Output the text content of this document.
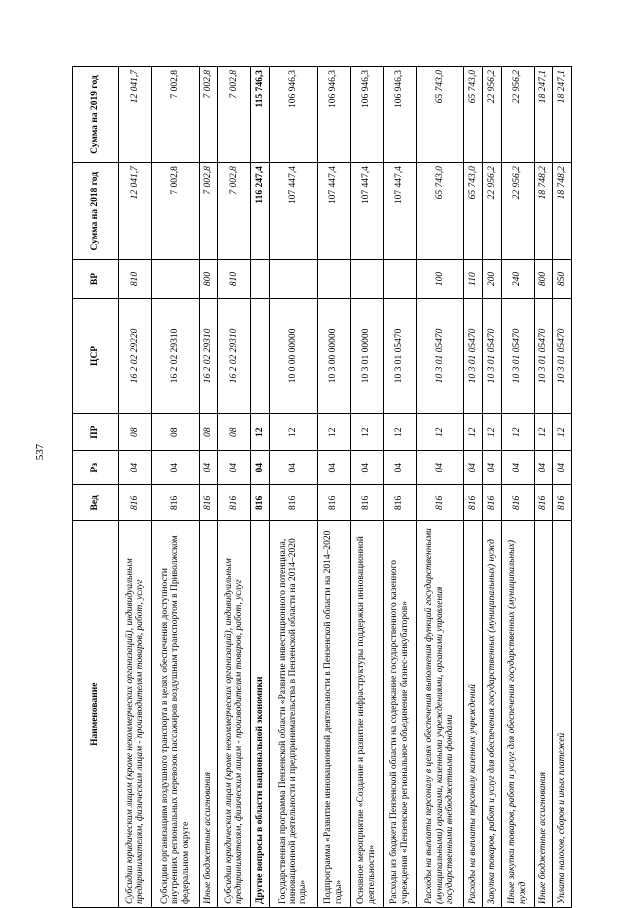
537
Наименование	Вед	Рз	ПР	ЦСР	ВР	Сумма на 2018 год	Сумма на 2019 год
Субсидии юридическим лицам (кроме некоммерческих организаций), индивидуальным предпринимателям, физическим лицам - производителям товаров, работ, услуг	816	04	08	16 2 02 29220	810	12 041,7	12 041,7
Субсидии организациям воздушного транспорта в целях обеспечения доступности внутренних региональных перевозок пассажиров воздушным транспортом в Приволжском федеральном округе	816	04	08	16 2 02 29310		7 002,8	7 002,8
Иные бюджетные ассигнования	816	04	08	16 2 02 29310	800	7 002,8	7 002,8
Субсидии юридическим лицам (кроме некоммерческих организаций), индивидуальным предпринимателям, физическим лицам - производителям товаров, работ, услуг	816	04	08	16 2 02 29310	810	7 002,8	7 002,8
Другие вопросы в области национальной экономики	816	04	12			116 247,4	115 746,3
Государственная программа Пензенской области «Развитие инвестиционного потенциала, инновационной деятельности и предпринимательства в Пензенской области на 2014–2020 годы»	816	04	12	10 0 00 00000		107 447,4	106 946,3
Подпрограмма «Развитие инновационной деятельности в Пензенской области на 2014–2020 годы»	816	04	12	10 3 00 00000		107 447,4	106 946,3
Основное мероприятие «Создание и развитие инфраструктуры поддержки инновационной деятельности»	816	04	12	10 3 01 00000		107 447,4	106 946,3
Расходы из бюджета Пензенской области на содержание государственного казенного учреждения «Пензенское региональное объединение бизнес-инкубаторов»	816	04	12	10 3 01 05470		107 447,4	106 946,3
Расходы на выплаты персоналу в целях обеспечения выполнения функций государственными (муниципальными) органами, казенными учреждениями, органами управления государственными внебюджетными фондами	816	04	12	10 3 01 05470	100	65 743,0	65 743,0
Расходы на выплаты персоналу казенных учреждений	816	04	12	10 3 01 05470	110	65 743,0	65 743,0
Закупка товаров, работ и услуг для обеспечения государственных (муниципальных) нужд	816	04	12	10 3 01 05470	200	22 956,2	22 956,2
Иные закупки товаров, работ и услуг для обеспечения государственных (муниципальных) нужд	816	04	12	10 3 01 05470	240	22 956,2	22 956,2
Иные бюджетные ассигнования	816	04	12	10 3 01 05470	800	18 748,2	18 247,1
Уплата налогов, сборов и иных платежей	816	04	12	10 3 01 05470	850	18 748,2	18 247,1
